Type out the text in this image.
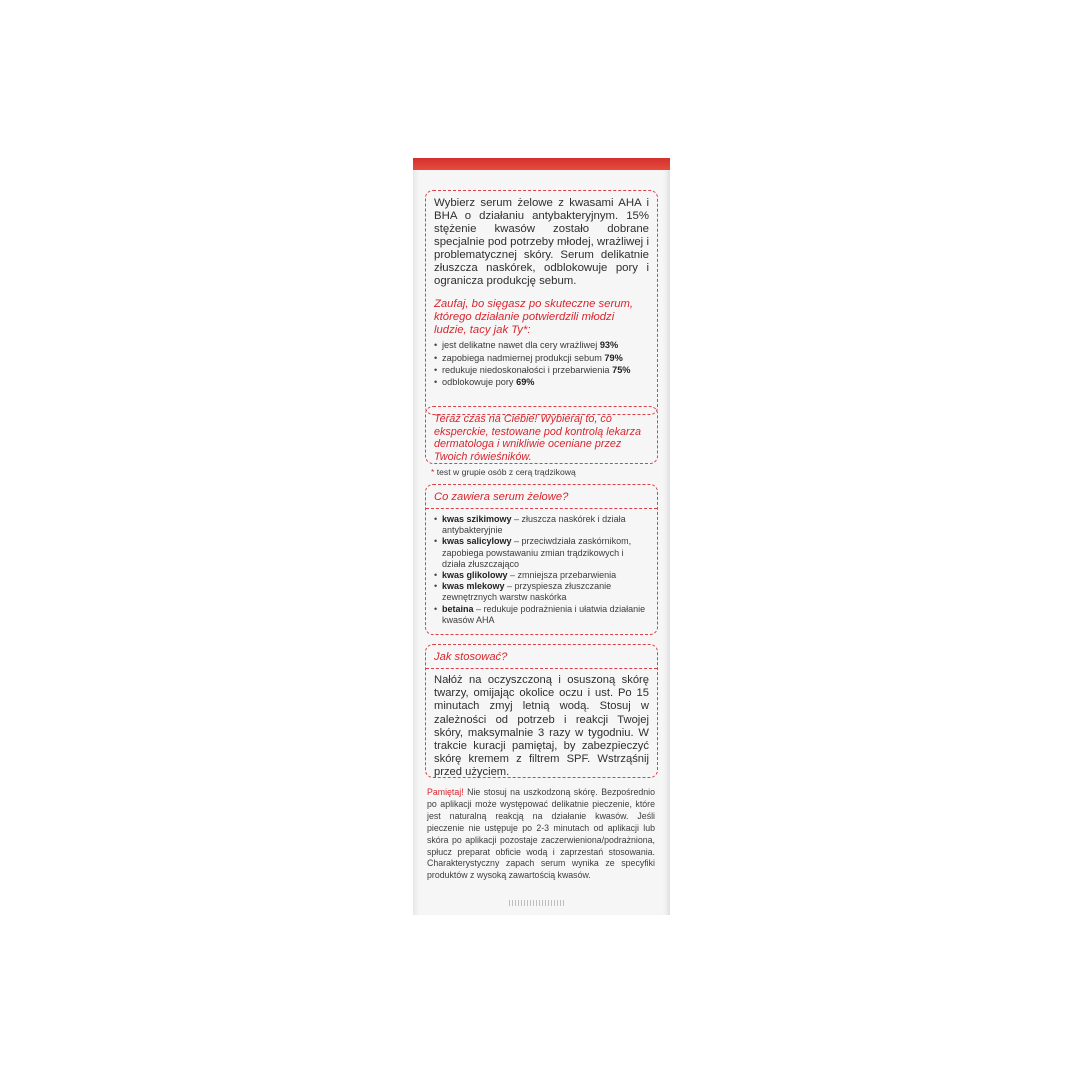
Wybierz serum żelowe z kwasami AHA i BHA o działaniu antybakteryjnym. 15% stężenie kwasów zostało dobrane specjalnie pod potrzeby młodej, wrażliwej i problematycznej skóry. Serum delikatnie złuszcza naskórek, odblokowuje pory i ogranicza produkcję sebum.

Zaufaj, bo sięgasz po skuteczne serum, którego działanie potwierdzili młodzi ludzie, tacy jak Ty*:

• jest delikatne nawet dla cery wrażliwej 93%
• zapobiega nadmiernej produkcji sebum 79%
• redukuje niedoskonałości i przebarwienia 75%
• odblokowuje pory 69%

Teraz czas na Ciebie! Wybieraj to, co eksperckie, testowane pod kontrolą lekarza dermatologa i wnikliwie oceniane przez Twoich rówieśników.

* test w grupie osób z cerą trądzikową
Co zawiera serum żelowe?
• kwas szikimowy – złuszcza naskórek i działa antybakteryjnie
• kwas salicylowy – przeciwdziała zaskórnikom, zapobiega powstawaniu zmian trądzikowych i działa złuszczająco
• kwas glikolowy – zmniejsza przebarwienia
• kwas mlekowy – przyspiesza złuszczanie zewnętrznych warstw naskórka
• betaina – redukuje podrażnienia i ułatwia działanie kwasów AHA
Jak stosować?

Nałóż na oczyszczoną i osuszoną skórę twarzy, omijając okolice oczu i ust. Po 15 minutach zmyj letnią wodą. Stosuj w zależności od potrzeb i reakcji Twojej skóry, maksymalnie 3 razy w tygodniu. W trakcie kuracji pamiętaj, by zabezpieczyć skórę kremem z filtrem SPF. Wstrząśnij przed użyciem.

Pamiętaj! Nie stosuj na uszkodzoną skórę. Bezpośrednio po aplikacji może występować delikatnie pieczenie, które jest naturalną reakcją na działanie kwasów. Jeśli pieczenie nie ustępuje po 2-3 minutach od aplikacji lub skóra po aplikacji pozostaje zaczerwieniona/podrażniona, spłucz preparat obficie wodą i zaprzestań stosowania. Charakterystyczny zapach serum wynika ze specyfiki produktów z wysoką zawartością kwasów.
